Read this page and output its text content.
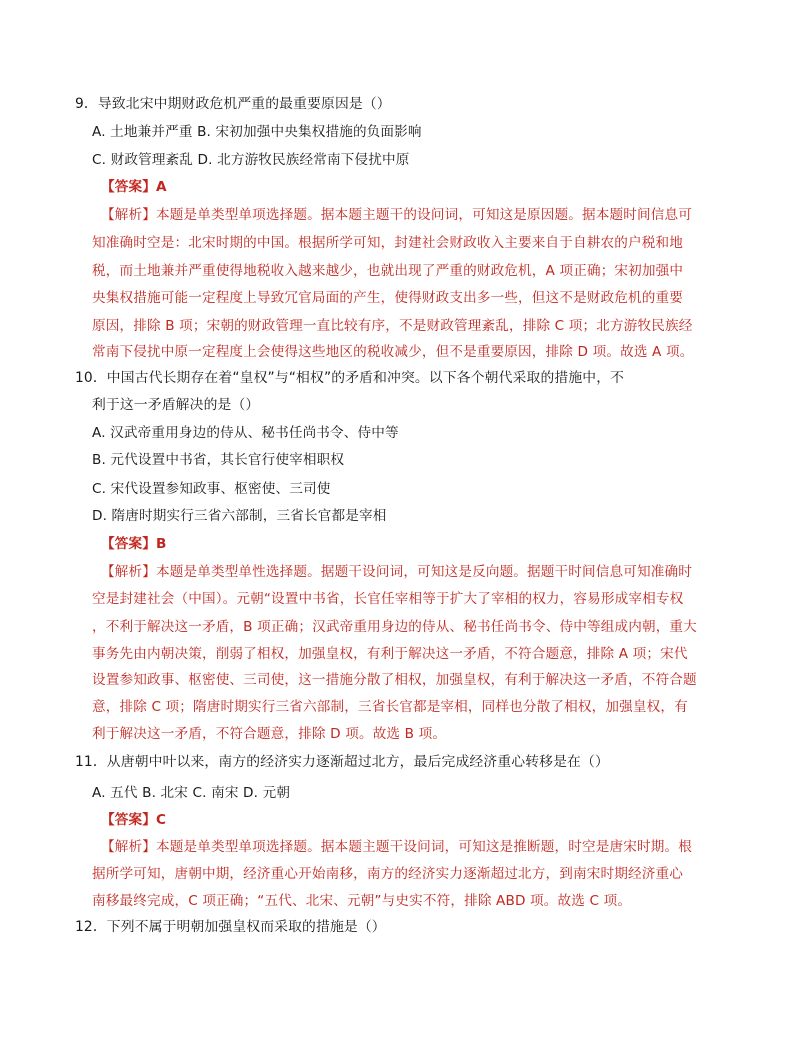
9．导致北宋中期财政危机严重的最重要原因是（）
A. 土地兼并严重 B. 宋初加强中央集权措施的负面影响
C. 财政管理紊乱 D. 北方游牧民族经常南下侵扰中原
【答案】A
【解析】本题是单类型单项选择题。据本题主题干的设问词，可知这是原因题。据本题时间信息可
知准确时空是：北宋时期的中国。根据所学可知，封建社会财政收入主要来自于自耕农的户税和地
税，而土地兼并严重使得地税收入越来越少，也就出现了严重的财政危机，A 项正确；宋初加强中
央集权措施可能一定程度上导致冗官局面的产生，使得财政支出多一些，但这不是财政危机的重要
原因，排除 B 项；宋朝的财政管理一直比较有序，不是财政管理紊乱，排除 C 项；北方游牧民族经
常南下侵扰中原一定程度上会使得这些地区的税收减少，但不是重要原因，排除 D 项。故选 A 项。
10．中国古代长期存在着“皇权”与“相权”的矛盾和冲突。以下各个朝代采取的措施中，不
利于这一矛盾解决的是（）
A. 汉武帝重用身边的侍从、秘书任尚书令、侍中等
B. 元代设置中书省，其长官行使宰相职权
C. 宋代设置参知政事、枢密使、三司使
D. 隋唐时期实行三省六部制，三省长官都是宰相
【答案】B
【解析】本题是单类型单性选择题。据题干设问词，可知这是反向题。据题干时间信息可知准确时
空是封建社会（中国）。元朝“设置中书省，长官任宰相等于扩大了宰相的权力，容易形成宰相专权
，不利于解决这一矛盾，B 项正确；汉武帝重用身边的侍从、秘书任尚书令、侍中等组成内朝，重大
事务先由内朝决策，削弱了相权，加强皇权，有利于解决这一矛盾，不符合题意，排除 A 项；宋代
设置参知政事、枢密使、三司使，这一措施分散了相权，加强皇权，有利于解决这一矛盾，不符合题
意，排除 C 项；隋唐时期实行三省六部制，三省长官都是宰相，同样也分散了相权，加强皇权，有
利于解决这一矛盾，不符合题意，排除 D 项。故选 B 项。
11．从唐朝中叶以来，南方的经济实力逐渐超过北方，最后完成经济重心转移是在（）
A. 五代 B. 北宋 C. 南宋 D. 元朝
【答案】C
【解析】本题是单类型单项选择题。据本题主题干设问词，可知这是推断题，时空是唐宋时期。根
据所学可知，唐朝中期，经济重心开始南移，南方的经济实力逐渐超过北方，到南宋时期经济重心
南移最终完成，C 项正确；“五代、北宋、元朝”与史实不符，排除 ABD 项。故选 C 项。
12．下列不属于明朝加强皇权而采取的措施是（）
